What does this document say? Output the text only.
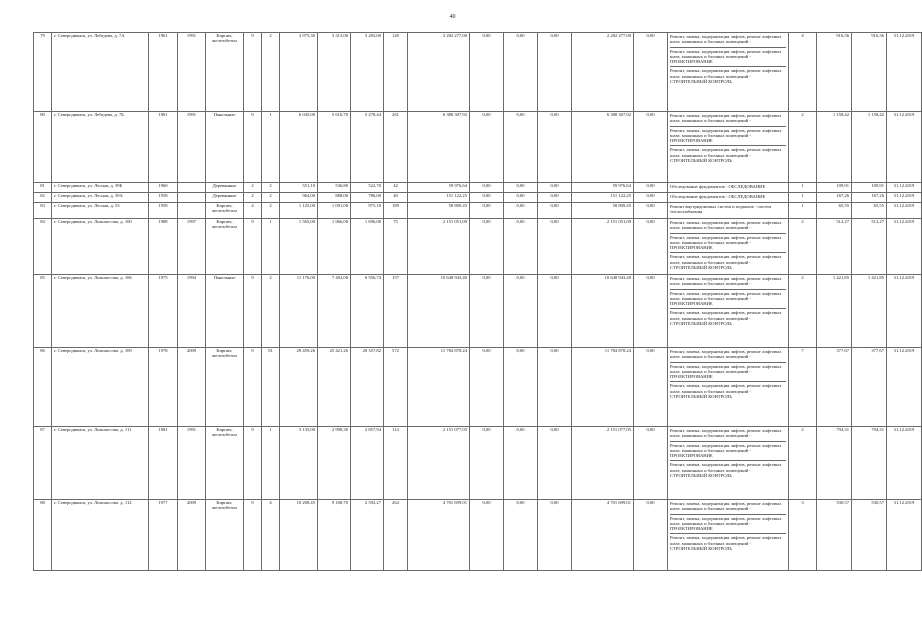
40
79	г. Северодвинск, ул. Лебедева, д. 7А	1961	1991	Кирпич, железобетон	9	2	3 975,30	3 313,00	3 283,00	120	2 282 277,00	0,00	0,00	0,00	2 282 277,00	0,00	Ремонт, замена, модернизация лифтов, ремонт лифтовых шахт, машинных и блочных помещений -
Ремонт, замена, модернизация лифтов, ремонт лифтовых шахт, машинных и блочных помещений - ПРОЕКТИРОВАНИЕ
Ремонт, замена, модернизация лифтов, ремонт лифтовых шахт, машинных и блочных помещений - СТРОИТЕЛЬНЫЙ КОНТРОЛЬ	4	916,36	916,36	31.12.2019
80	г. Северодвинск, ул. Лебедева, д. 7Б	1961	1991	Панельные	9	1	6 045,00	5 616,70	5 278,44	261	6 388 307,92	0,00	0,00	0,00	6 388 307,92	0,00	Ремонт, замена, модернизация лифтов, ремонт лифтовых шахт, машинных и блочных помещений -
Ремонт, замена, модернизация лифтов, ремонт лифтовых шахт, машинных и блочных помещений - ПРОЕКТИРОВАНИЕ
Ремонт, замена, модернизация лифтов, ремонт лифтовых шахт, машинных и блочных помещений - СТРОИТЕЛЬНЫЙ КОНТРОЛЬ	2	1 158,42	1 158,42	31.12.2019
81	г. Северодвинск, ул. Лесная, д. 39Б	1960		Деревянные	2	2	551,10	536,80	522,70	42	59 976,64	0,00	0,00	0,00	59 976,64	0,00	Обследование фундаментов - ОБСЛЕДОВАНИЕ	1	109,91	109,91	31.12.2019
82	г. Северодвинск, ул. Лесная, д. 39А	1958		Деревянные	2	2	964,00	888,00	786,00	40	151 122,25	0,00	0,00	0,00	151 122,25	0,00	Обследование фундаментов - ОБСЛЕДОВАНИЕ	1	167,26	167,26	31.12.2019
83	г. Северодвинск, ул. Лесная, д. 53	1958		Кирпич, железобетон	4	2	1 125,00	1 091,00	975,10	189	58 809,45	0,00	0,00	0,00	58 809,45	0,00	Ремонт внутридомовых систем и подвалов - систем теплоснабжения	1	65,55	65,55	31.12.2019
84	г. Северодвинск, ул. Ломоносова, д. 100	1988	1997	Кирпич, железобетон	9	1	1 565,00	1 966,00	1 696,00	75	2 151 051,09	0,00	0,00	0,00	2 151 051,09	0,00	Ремонт, замена, модернизация лифтов, ремонт лифтовых шахт, машинных и блочных помещений -
Ремонт, замена, модернизация лифтов, ремонт лифтовых шахт, машинных и блочных помещений - ПРОЕКТИРОВАНИЕ
Ремонт, замена, модернизация лифтов, ремонт лифтовых шахт, машинных и блочных помещений - СТРОИТЕЛЬНЫЙ КОНТРОЛЬ	2	512,27	512,27	31.12.2019
85	г. Северодвинск, ул. Ломоносова, д. 106	1975	1994	Панельные	9	2	11 176,00	7 492,00	6 556,74	157	10 648 943,40	0,00	0,00	0,00	10 648 943,40	0,00	Ремонт, замена, модернизация лифтов, ремонт лифтовых шахт, машинных и блочных помещений -
Ремонт, замена, модернизация лифтов, ремонт лифтовых шахт, машинных и блочных помещений - ПРОЕКТИРОВАНИЕ
Ремонт, замена, модернизация лифтов, ремонт лифтовых шахт, машинных и блочных помещений - СТРОИТЕЛЬНЫЙ КОНТРОЛЬ	2	1 421,85	1 421,85	31.12.2019
86	г. Северодвинск, ул. Ломоносова, д. 109	1978	2009	Кирпич, железобетон	9	81	29 459,26	25 421,26	20 357,82	572	11 784 878,24	0,00	0,00	0,00	11 784 878,24	0,00	Ремонт, замена, модернизация лифтов, ремонт лифтовых шахт, машинных и блочных помещений -
Ремонт, замена, модернизация лифтов, ремонт лифтовых шахт, машинных и блочных помещений - ПРОЕКТИРОВАНИЕ
Ремонт, замена, модернизация лифтов, ремонт лифтовых шахт, машинных и блочных помещений - СТРОИТЕЛЬНЫЙ КОНТРОЛЬ	7	377,67	377,67	31.12.2019
87	г. Северодвинск, ул. Ломоносова, д. 111	1981	1991	Кирпич, железобетон	9	1	3 135,00	2 998,30	2 857,94	114	2 151 077,05	0,00	0,00	0,00	2 151 077,05	0,00	Ремонт, замена, модернизация лифтов, ремонт лифтовых шахт, машинных и блочных помещений -
Ремонт, замена, модернизация лифтов, ремонт лифтовых шахт, машинных и блочных помещений - ПРОЕКТИРОВАНИЕ
Ремонт, замена, модернизация лифтов, ремонт лифтовых шахт, машинных и блочных помещений - СТРОИТЕЛЬНЫЙ КОНТРОЛЬ	2	794,31	794,31	31.12.2019
88	г. Северодвинск, ул. Ломоносова, д. 112	1977	2009	Кирпич, железобетон	9	4	10 208,45	9 168,70	2 592,27	264	4 701 699,01	0,00	0,00	0,00	4 701 699,01	0,00	Ремонт, замена, модернизация лифтов, ремонт лифтовых шахт, машинных и блочных помещений -
Ремонт, замена, модернизация лифтов, ремонт лифтовых шахт, машинных и блочных помещений - ПРОЕКТИРОВАНИЕ
Ремонт, замена, модернизация лифтов, ремонт лифтовых шахт, машинных и блочных помещений - СТРОИТЕЛЬНЫЙ КОНТРОЛЬ	3	530,57	530,57	31.12.2019
